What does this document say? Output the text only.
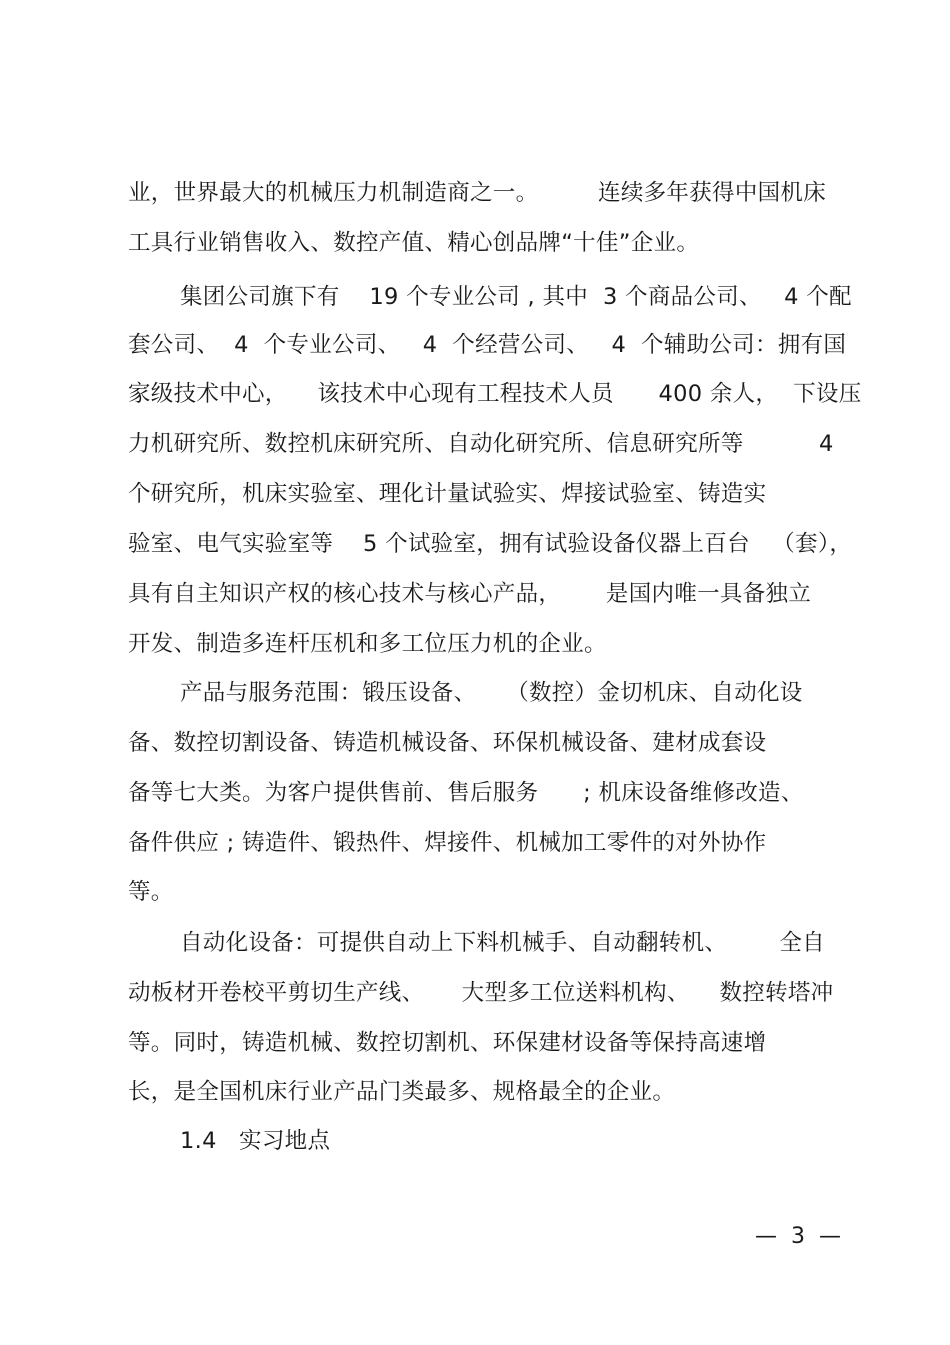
业，世界最大的机械压力机制造商之一。        连续多年获得中国机床
工具行业销售收入、数控产值、精心创品牌“十佳”企业。
集团公司旗下有    19 个专业公司 , 其中  3 个商品公司、   4 个配
套公司、  4  个专业公司、   4  个经营公司、   4  个辅助公司：拥有国
家级技术中心，    该技术中心现有工程技术人员      400 余人，  下设压
力机研究所、数控机床研究所、自动化研究所、信息研究所等	4
个研究所，机床实验室、理化计量试验实、焊接试验室、铸造实
验室、电气实验室等    5 个试验室，拥有试验设备仪器上百台   （套），
具有自主知识产权的核心技术与核心产品，      是国内唯一具备独立
开发、制造多连杆压机和多工位压力机的企业。
产品与服务范围：锻压设备、    （数控）金切机床、自动化设
备、数控切割设备、铸造机械设备、环保机械设备、建材成套设
备等七大类。为客户提供售前、售后服务      ; 机床设备维修改造、
备件供应 ; 铸造件、锻热件、焊接件、机械加工零件的对外协作
等。
自动化设备：可提供自动上下料机械手、自动翻转机、       全自
动板材开卷校平剪切生产线、     大型多工位送料机构、    数控转塔冲
等。同时，铸造机械、数控切割机、环保建材设备等保持高速增
长，是全国机床行业产品门类最多、规格最全的企业。
1.4   实习地点
—  3  —
